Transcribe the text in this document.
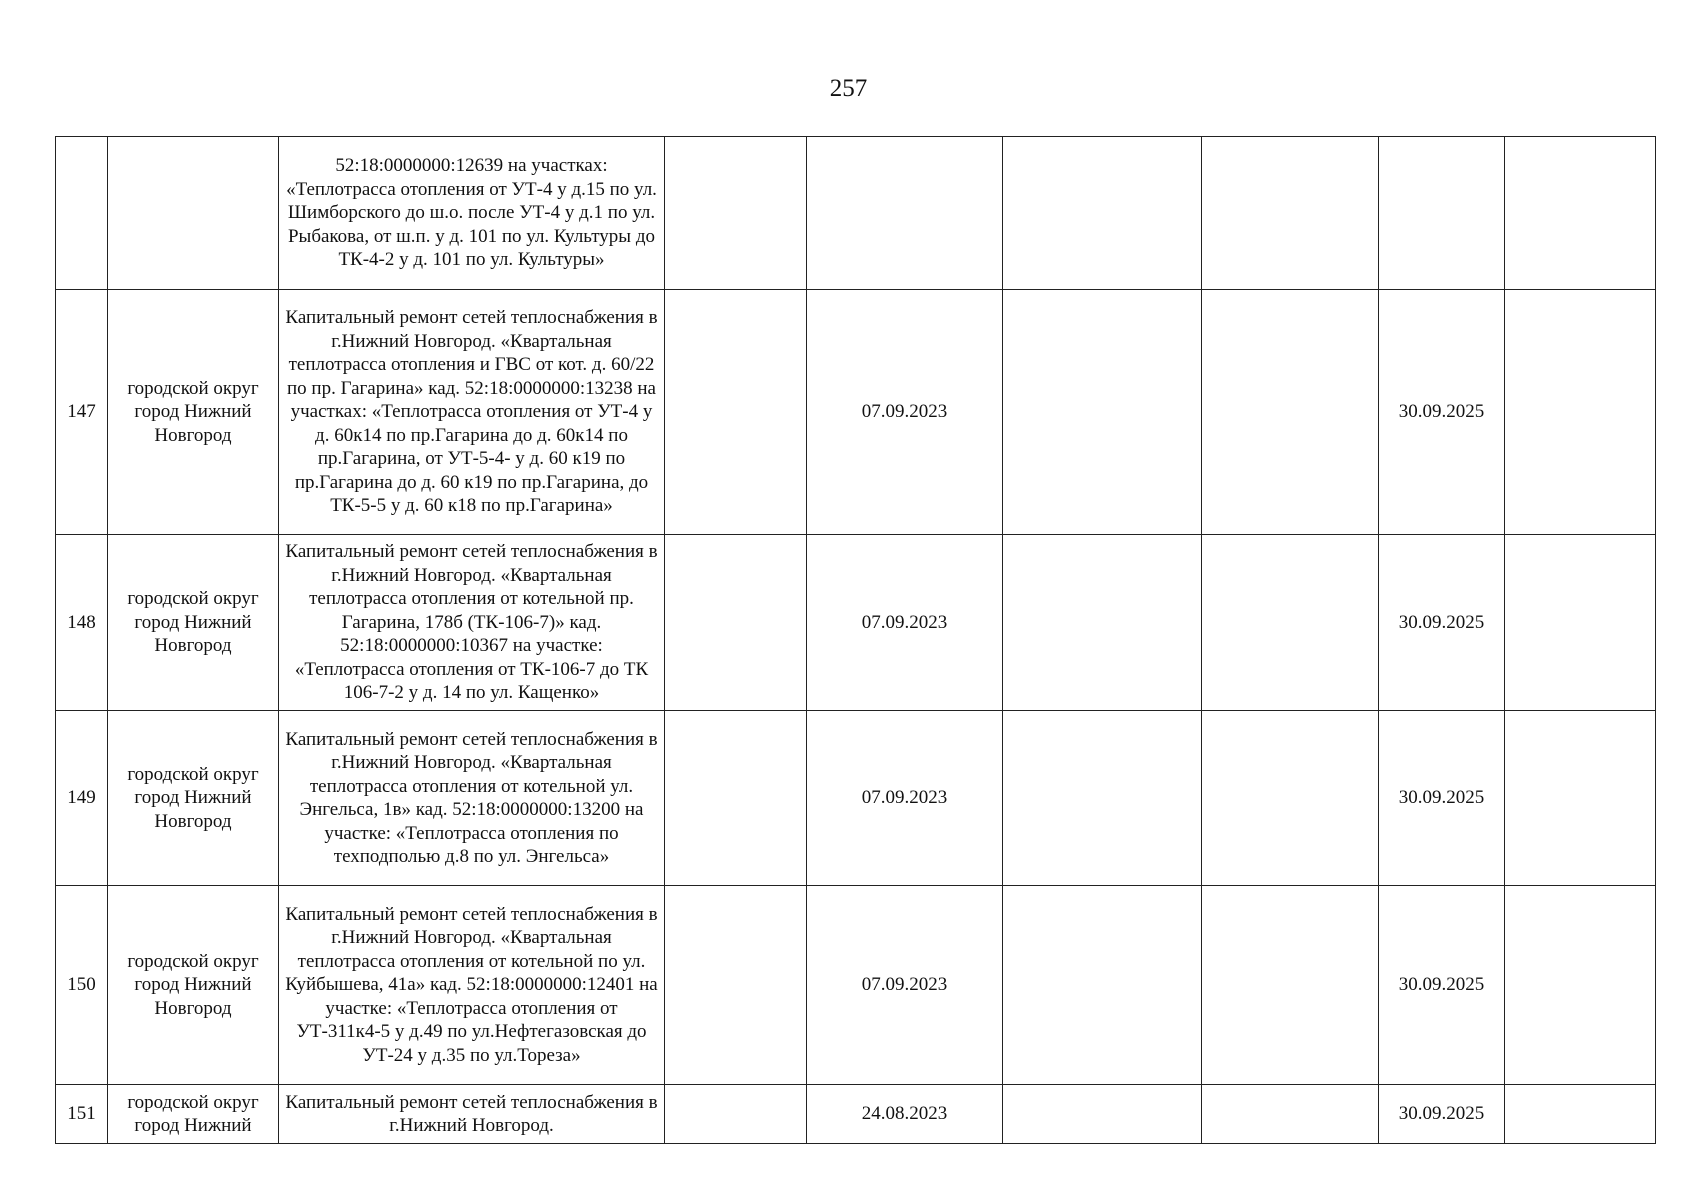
257
		52:18:0000000:12639 на участках: «Теплотрасса отопления от УТ-4 у д.15 по ул. Шимборского до ш.о. после УТ-4 у д.1 по ул. Рыбакова, от ш.п. у д. 101 по ул. Культуры до ТК-4-2 у д. 101 по ул. Культуры»						
147	городской округ город Нижний Новгород	Капитальный ремонт сетей теплоснабжения в г.Нижний Новгород. «Квартальная теплотрасса отопления и ГВС от кот. д. 60/22 по пр. Гагарина» кад. 52:18:0000000:13238 на участках: «Теплотрасса отопления от УТ-4 у д. 60к14 по пр.Гагарина до д. 60к14 по пр.Гагарина, от УТ-5-4- у д. 60 к19 по пр.Гагарина до д. 60 к19 по пр.Гагарина, до ТК-5-5 у д. 60 к18 по пр.Гагарина»		07.09.2023			30.09.2025	
148	городской округ город Нижний Новгород	Капитальный ремонт сетей теплоснабжения в г.Нижний Новгород. «Квартальная теплотрасса отопления от котельной пр. Гагарина, 178б (ТК-106-7)» кад. 52:18:0000000:10367 на участке: «Теплотрасса отопления от ТК-106-7 до ТК 106-7-2 у д. 14 по ул. Кащенко»		07.09.2023			30.09.2025	
149	городской округ город Нижний Новгород	Капитальный ремонт сетей теплоснабжения в г.Нижний Новгород. «Квартальная теплотрасса отопления от котельной ул. Энгельса, 1в» кад. 52:18:0000000:13200 на участке: «Теплотрасса отопления по техподполью д.8 по ул. Энгельса»		07.09.2023			30.09.2025	
150	городской округ город Нижний Новгород	Капитальный ремонт сетей теплоснабжения в г.Нижний Новгород. «Квартальная теплотрасса отопления от котельной по ул. Куйбышева, 41а» кад. 52:18:0000000:12401 на участке: «Теплотрасса отопления от УТ-311к4-5 у д.49 по ул.Нефтегазовская до УТ-24 у д.35 по ул.Тореза»		07.09.2023			30.09.2025	
151	городской округ город Нижний	Капитальный ремонт сетей теплоснабжения в г.Нижний Новгород.		24.08.2023			30.09.2025	
